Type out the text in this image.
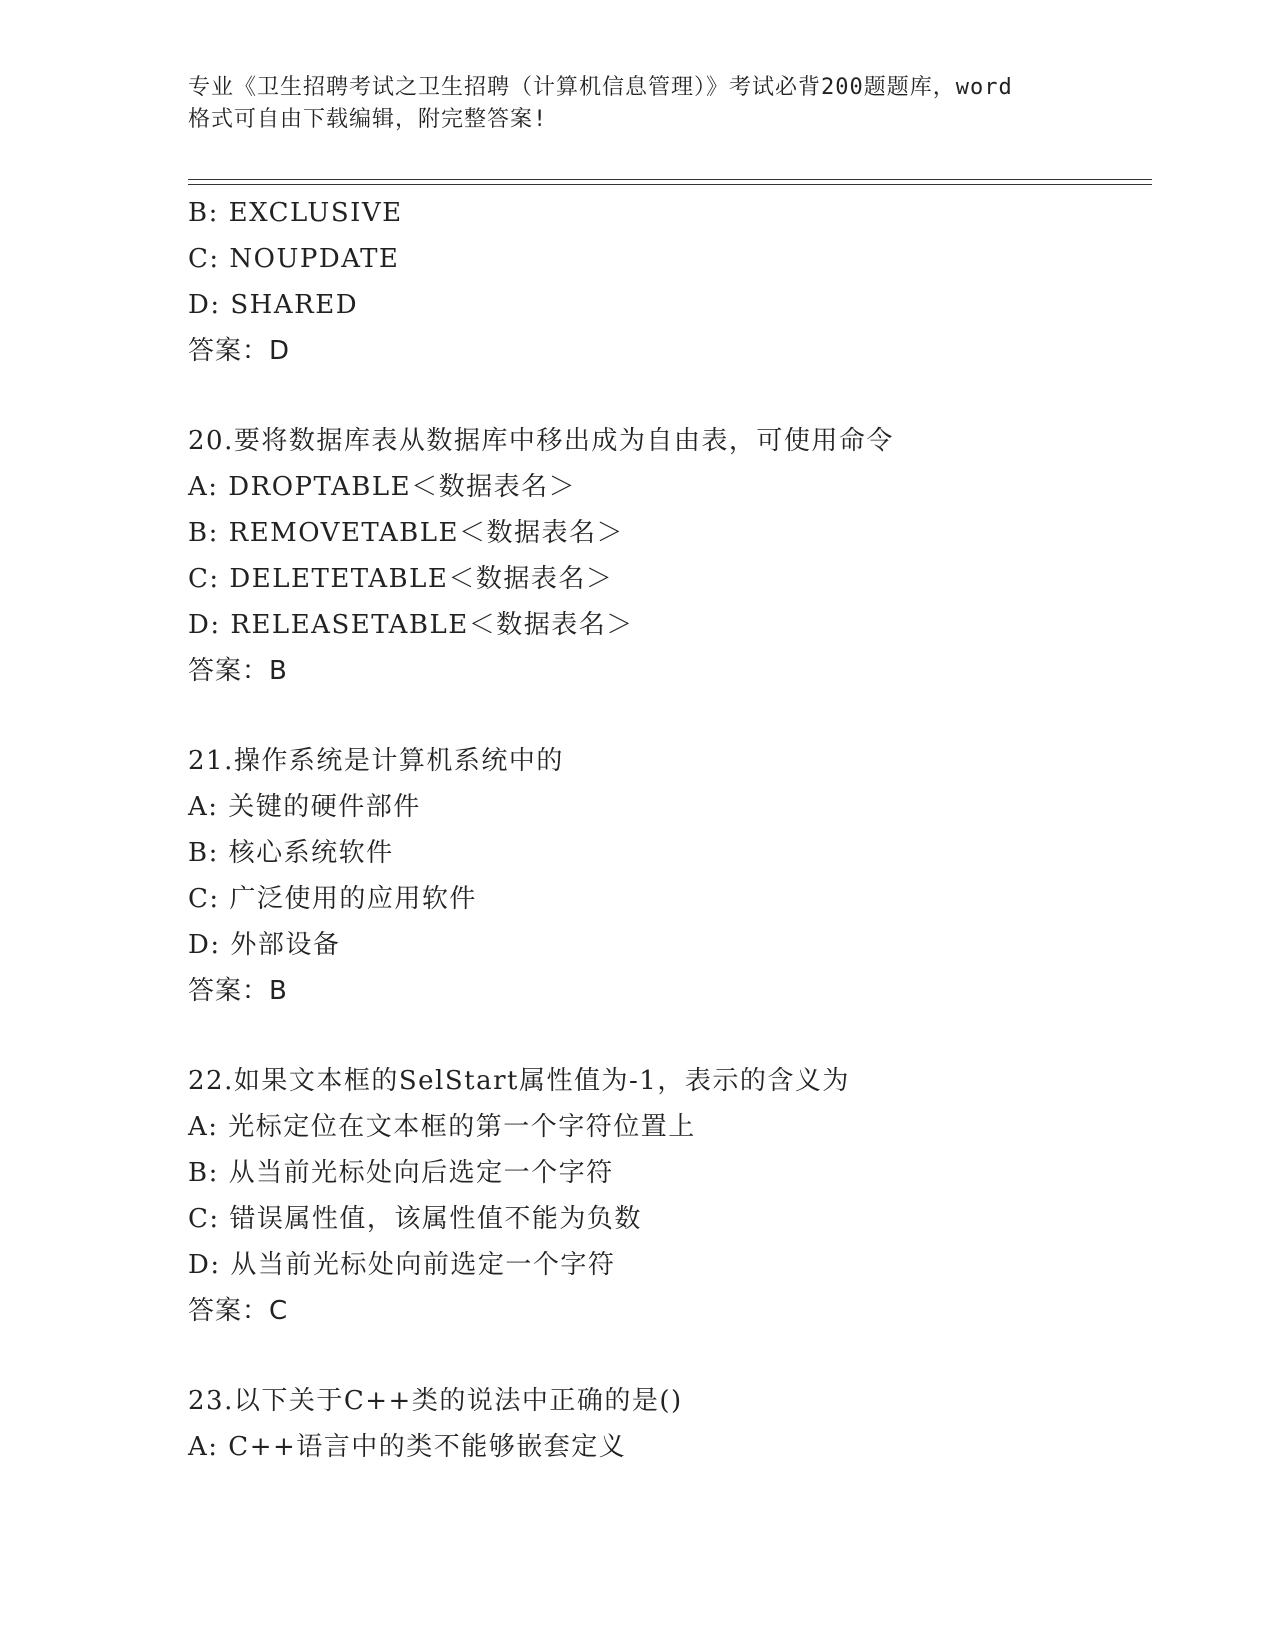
专业《卫生招聘考试之卫生招聘（计算机信息管理）》考试必背200题题库，word
格式可自由下载编辑，附完整答案!
B: EXCLUSIVE
C: NOUPDATE
D: SHARED
答案：D
20.要将数据库表从数据库中移出成为自由表，可使用命令
A: DROPTABLE＜数据表名＞
B: REMOVETABLE＜数据表名＞
C: DELETETABLE＜数据表名＞
D: RELEASETABLE＜数据表名＞
答案：B
21.操作系统是计算机系统中的
A: 关键的硬件部件
B: 核心系统软件
C: 广泛使用的应用软件
D: 外部设备
答案：B
22.如果文本框的SelStart属性值为-1，表示的含义为
A: 光标定位在文本框的第一个字符位置上
B: 从当前光标处向后选定一个字符
C: 错误属性值，该属性值不能为负数
D: 从当前光标处向前选定一个字符
答案：C
23.以下关于C++类的说法中正确的是()
A: C++语言中的类不能够嵌套定义
